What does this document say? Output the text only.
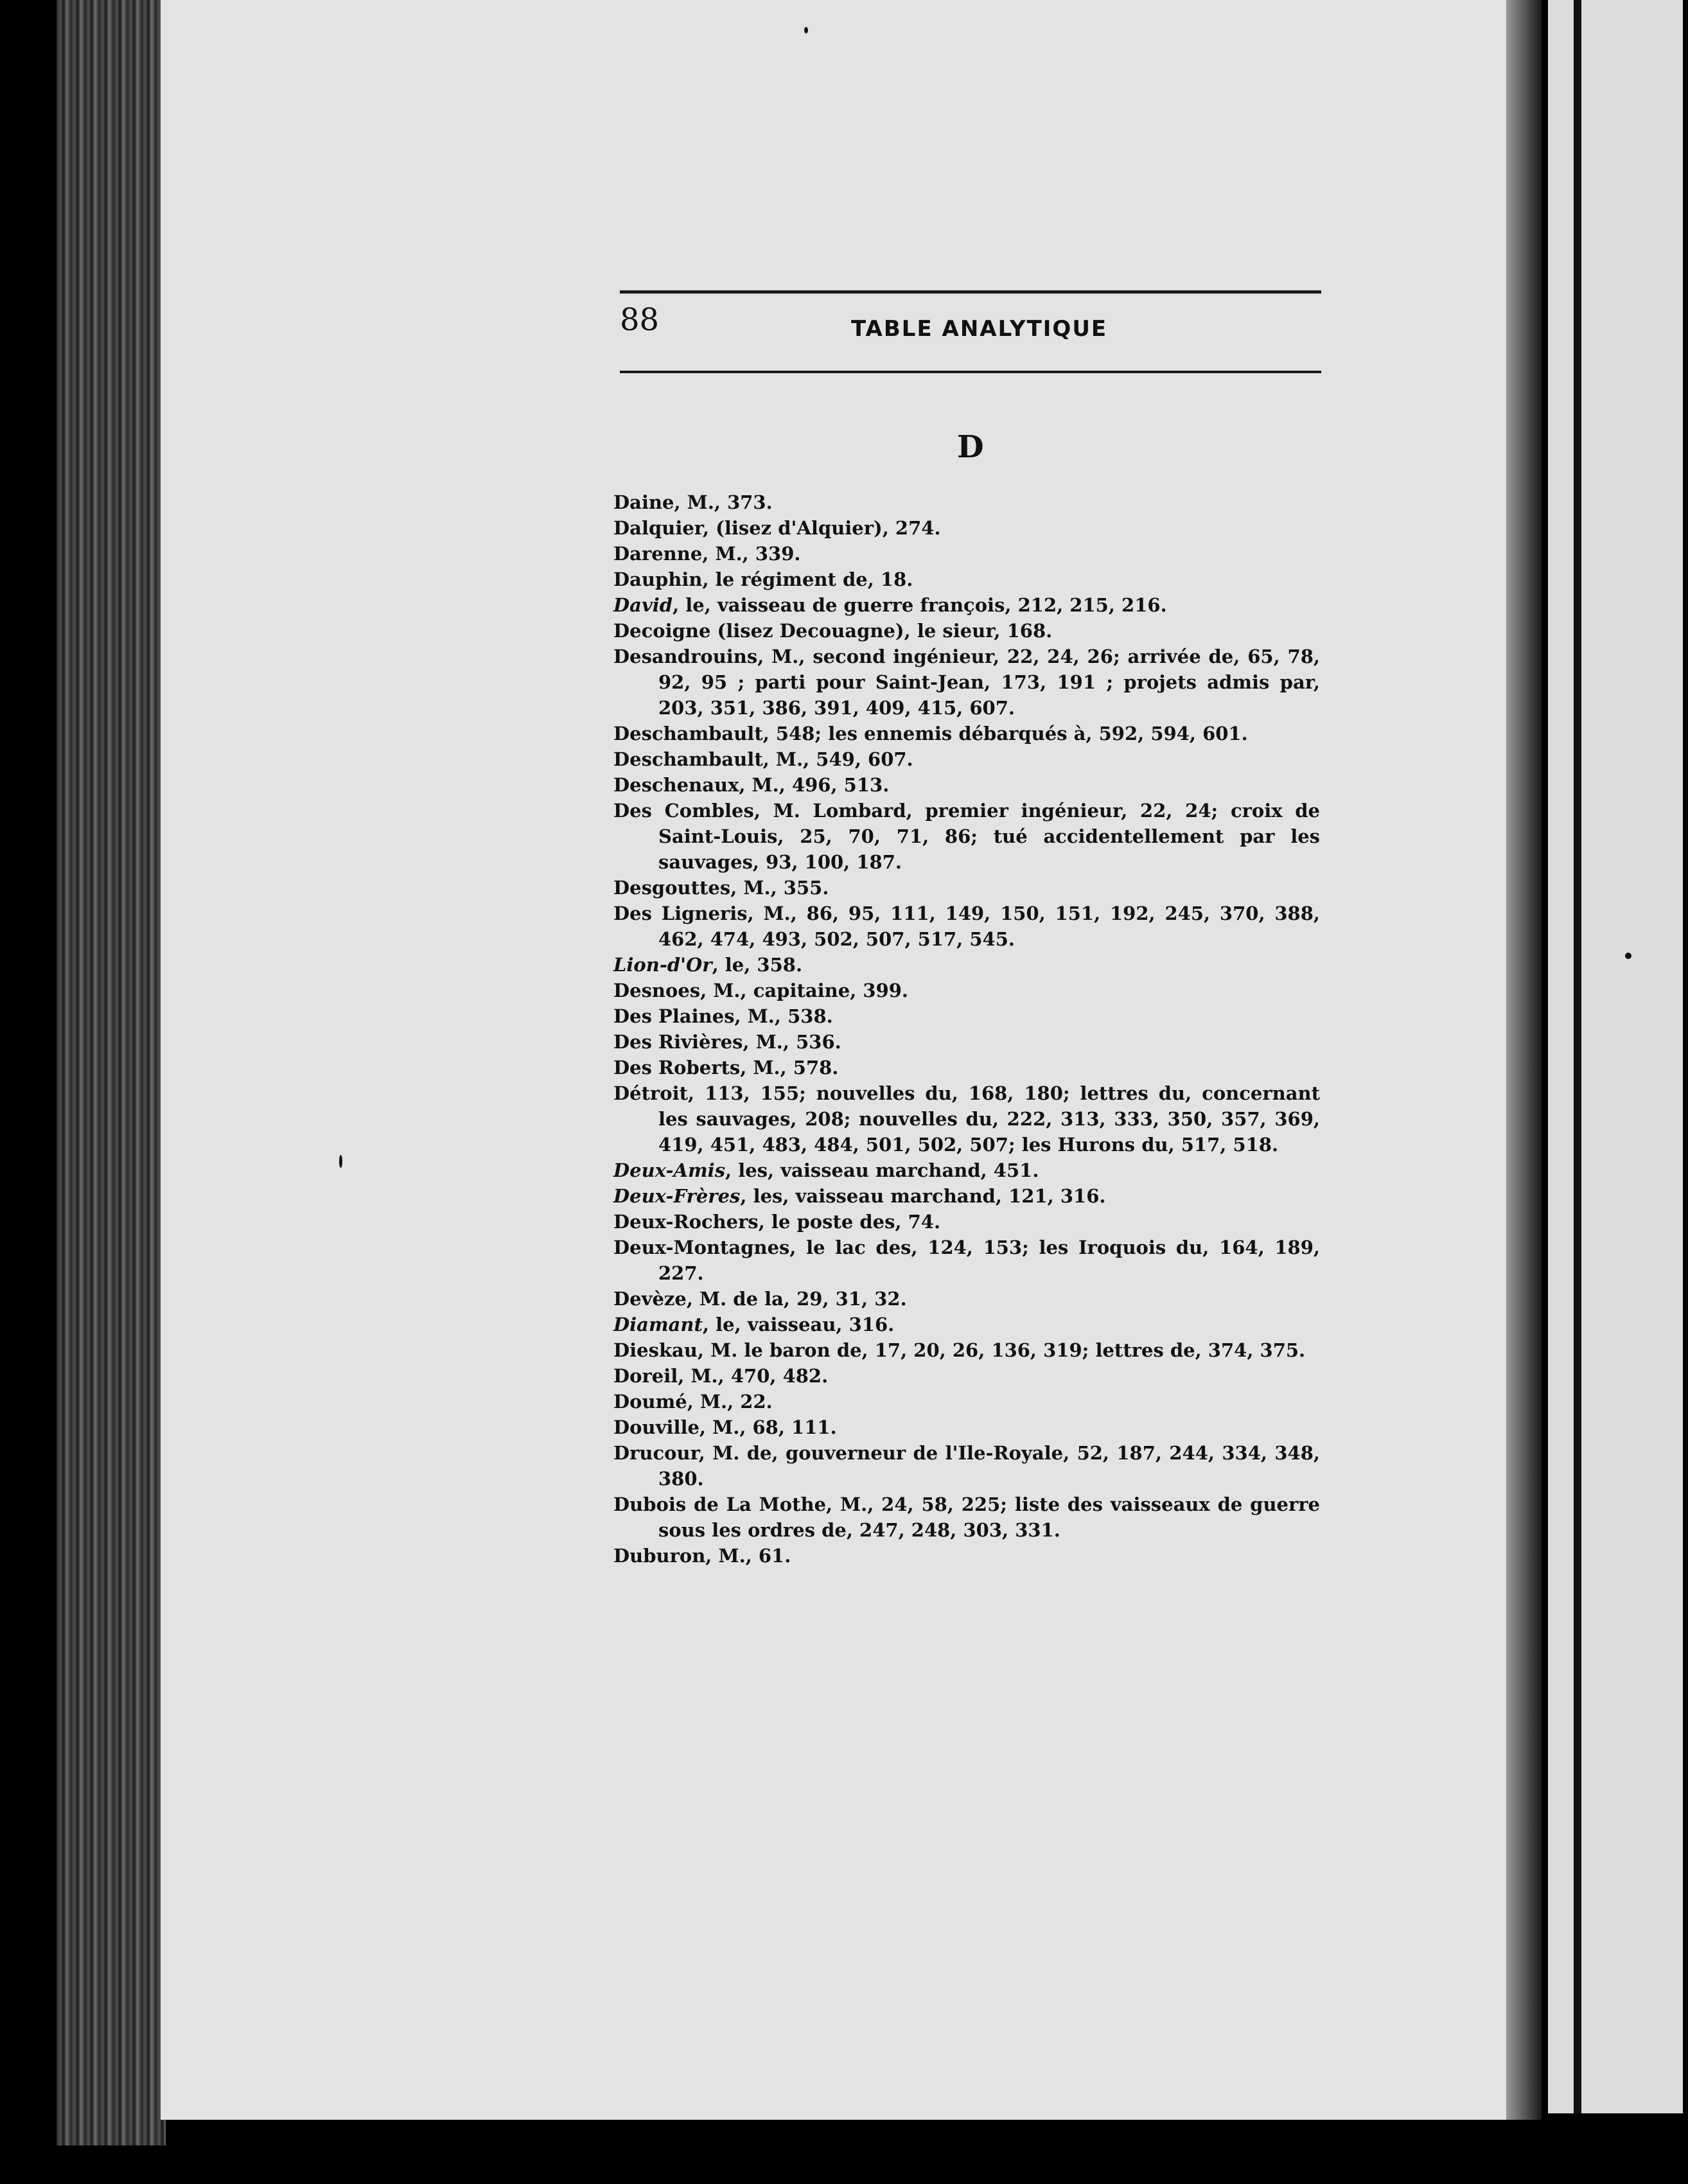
88	TABLE ANALYTIQUE
D
Daine, M., 373.
Dalquier, (lisez d'Alquier), 274.
Darenne, M., 339.
Dauphin, le régiment de, 18.
David, le, vaisseau de guerre françois, 212, 215, 216.
Decoigne (lisez Decouagne), le sieur, 168.
Desandrouins, M., second ingénieur, 22, 24, 26; arrivée de, 65, 78, 92, 95 ; parti pour Saint-Jean, 173, 191 ; projets admis par, 203, 351, 386, 391, 409, 415, 607.
Deschambault, 548; les ennemis débarqués à, 592, 594, 601.
Deschambault, M., 549, 607.
Deschenaux, M., 496, 513.
Des Combles, M. Lombard, premier ingénieur, 22, 24; croix de Saint-Louis, 25, 70, 71, 86; tué accidentellement par les sauvages, 93, 100, 187.
Desgouttes, M., 355.
Des Ligneris, M., 86, 95, 111, 149, 150, 151, 192, 245, 370, 388, 462, 474, 493, 502, 507, 517, 545.
Lion-d'Or, le, 358.
Desnoes, M., capitaine, 399.
Des Plaines, M., 538.
Des Rivières, M., 536.
Des Roberts, M., 578.
Détroit, 113, 155; nouvelles du, 168, 180; lettres du, concernant les sauvages, 208; nouvelles du, 222, 313, 333, 350, 357, 369, 419, 451, 483, 484, 501, 502, 507; les Hurons du, 517, 518.
Deux-Amis, les, vaisseau marchand, 451.
Deux-Frères, les, vaisseau marchand, 121, 316.
Deux-Rochers, le poste des, 74.
Deux-Montagnes, le lac des, 124, 153; les Iroquois du, 164, 189, 227.
Devèze, M. de la, 29, 31, 32.
Diamant, le, vaisseau, 316.
Dieskau, M. le baron de, 17, 20, 26, 136, 319; lettres de, 374, 375.
Doreil, M., 470, 482.
Doumé, M., 22.
Douville, M., 68, 111.
Drucour, M. de, gouverneur de l'Ile-Royale, 52, 187, 244, 334, 348, 380.
Dubois de La Mothe, M., 24, 58, 225; liste des vaisseaux de guerre sous les ordres de, 247, 248, 303, 331.
Duburon, M., 61.
